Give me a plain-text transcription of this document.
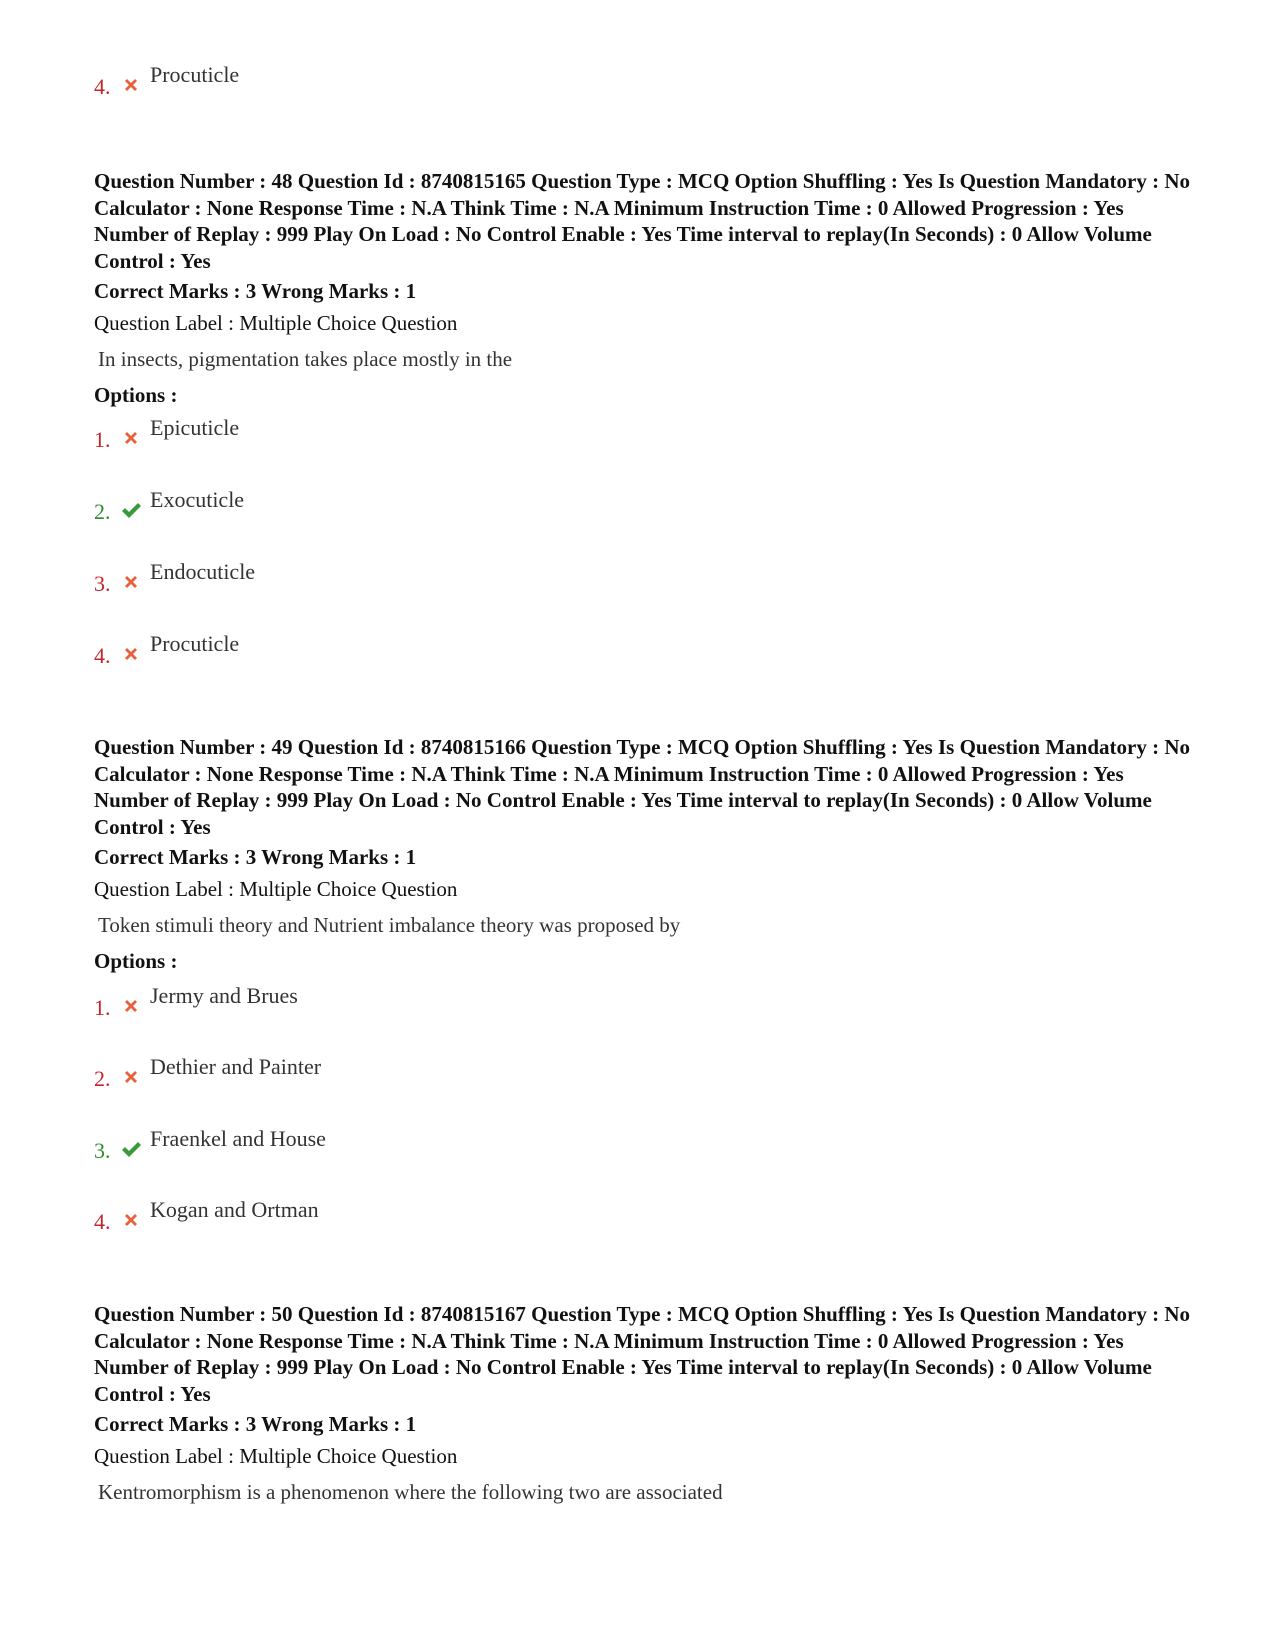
4.	Procuticle

Question Number : 48 Question Id : 8740815165 Question Type : MCQ Option Shuffling : Yes Is Question Mandatory : No Calculator : None Response Time : N.A Think Time : N.A Minimum Instruction Time : 0 Allowed Progression : Yes Number of Replay : 999 Play On Load : No Control Enable : Yes Time interval to replay(In Seconds) : 0 Allow Volume Control : Yes

Correct Marks : 3 Wrong Marks : 1

Question Label : Multiple Choice Question

In insects, pigmentation takes place mostly in the

Options :

1.	Epicuticle
2.	Exocuticle
3.	Endocuticle
4.	Procuticle

Question Number : 49 Question Id : 8740815166 Question Type : MCQ Option Shuffling : Yes Is Question Mandatory : No Calculator : None Response Time : N.A Think Time : N.A Minimum Instruction Time : 0 Allowed Progression : Yes Number of Replay : 999 Play On Load : No Control Enable : Yes Time interval to replay(In Seconds) : 0 Allow Volume Control : Yes

Correct Marks : 3 Wrong Marks : 1

Question Label : Multiple Choice Question

Token stimuli theory and Nutrient imbalance theory was proposed by

Options :

1.	Jermy and Brues
2.	Dethier and Painter
3.	Fraenkel and House
4.	Kogan and Ortman

Question Number : 50 Question Id : 8740815167 Question Type : MCQ Option Shuffling : Yes Is Question Mandatory : No Calculator : None Response Time : N.A Think Time : N.A Minimum Instruction Time : 0 Allowed Progression : Yes Number of Replay : 999 Play On Load : No Control Enable : Yes Time interval to replay(In Seconds) : 0 Allow Volume Control : Yes

Correct Marks : 3 Wrong Marks : 1

Question Label : Multiple Choice Question

Kentromorphism is a phenomenon where the following two are associated
